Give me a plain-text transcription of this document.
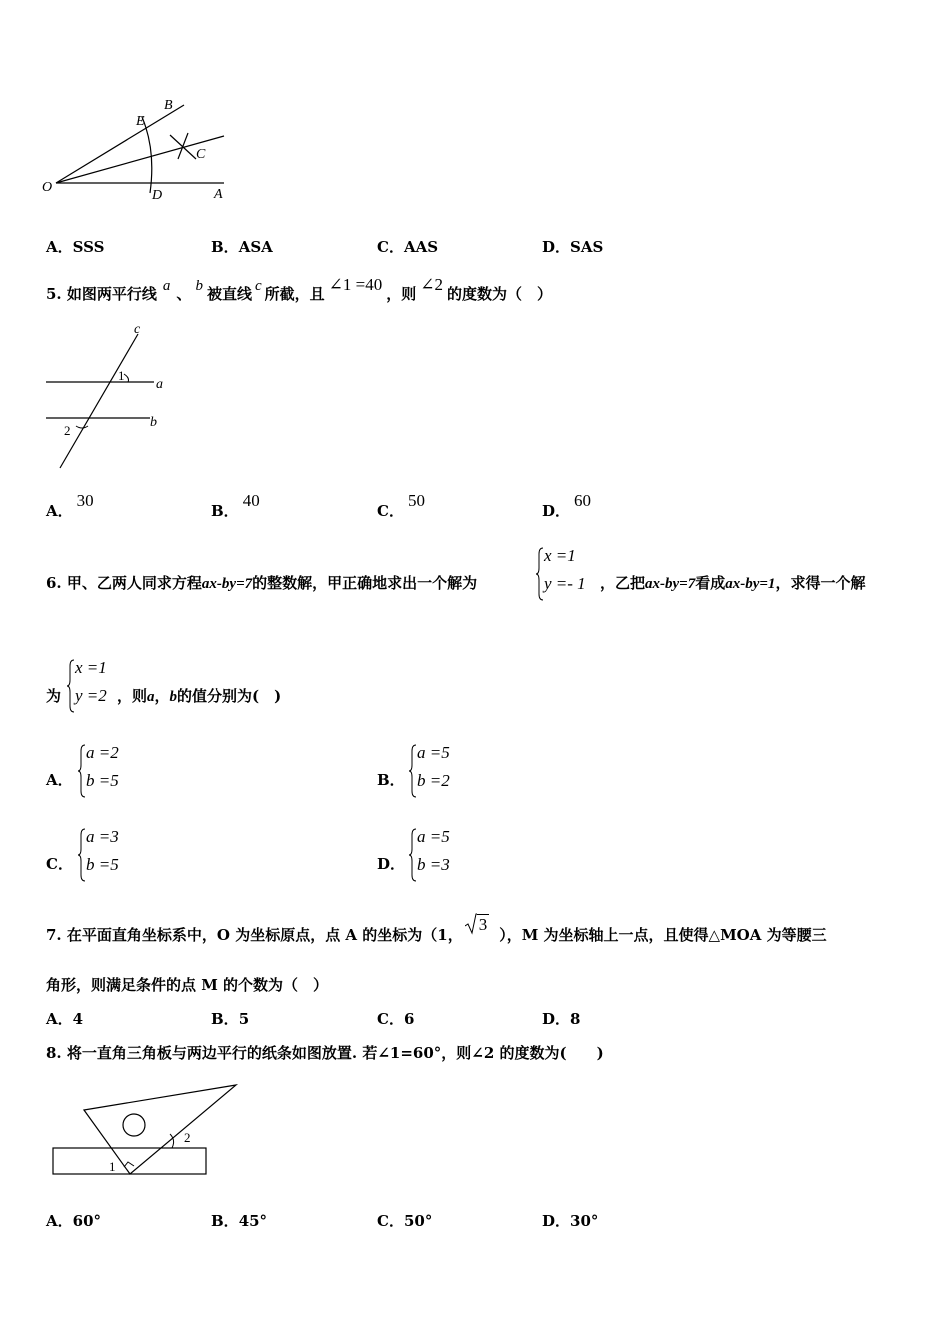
O	A
B
C
D
E
A．SSS	B．ASA	C．AAS	D．SAS
5. 如图两平行线 a 、 b 被直线 c 所截，且 ∠1 =40 ，则 ∠2 的度数为（　）
c
a
b
1
2
A．30
B．40
C．50
D．60
6. 甲、乙两人同求方程ax-by=7的整数解，甲正确地求出一个解为
x =1
y =- 1 ，乙把ax-by=7看成ax-by=1，求得一个解
为
x =1
y =2 ，则a，b的值分别为(　)
A．
a =2
b =5	B．
a =5
b =2
C．
a =3
b =5	D．
a =5
b =3
7. 在平面直角坐标系中，O 为坐标原点，点 A 的坐标为（1，
3），M 为坐标轴上一点，且使得△MOA 为等腰三
角形，则满足条件的点 M 的个数为（　）
A．4	B．5	C．6	D．8
8. 将一直角三角板与两边平行的纸条如图放置. 若∠1=60°，则∠2 的度数为(　　)
1
2
A．60°	B．45°	C．50°	D．30°
